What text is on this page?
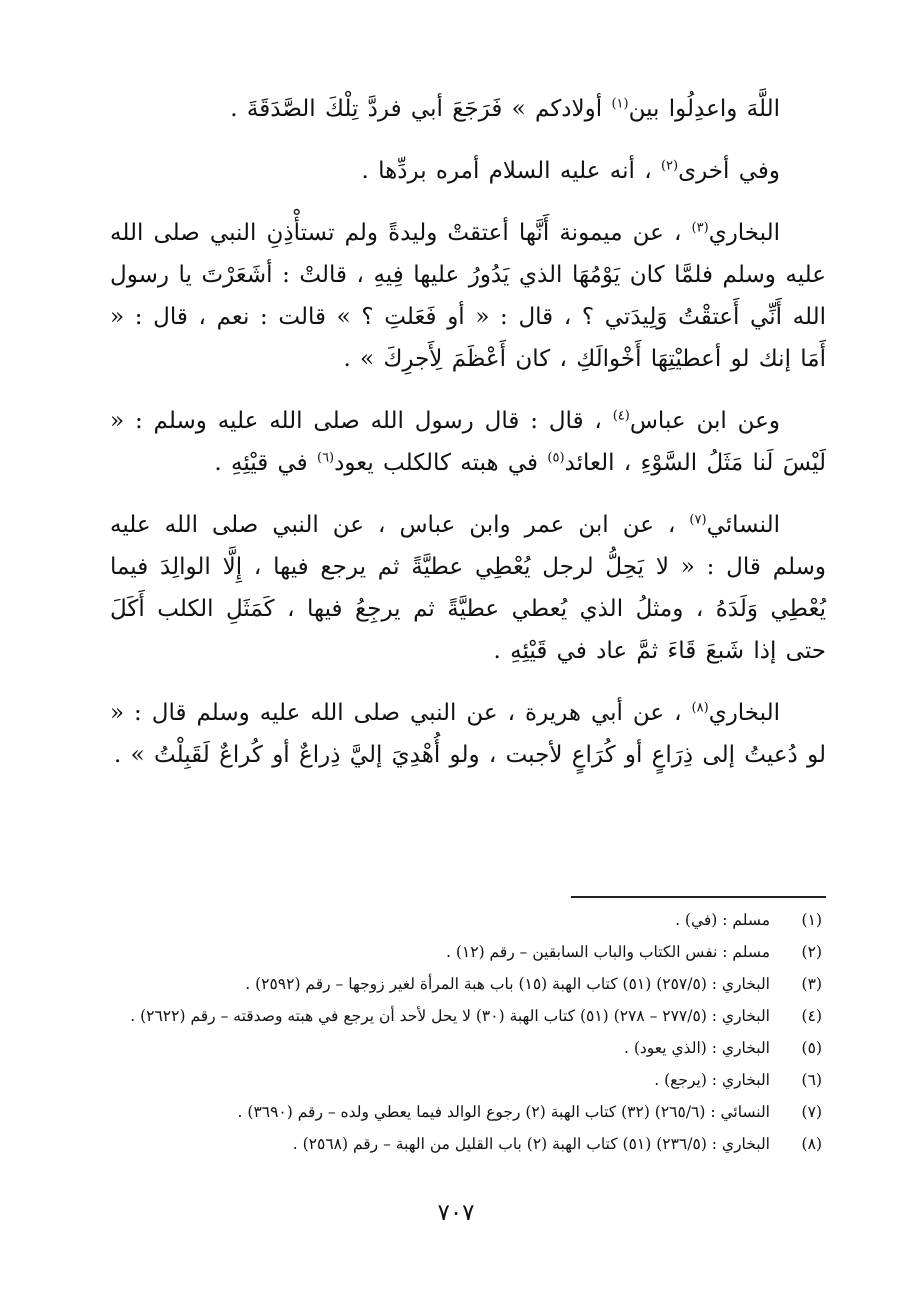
اللَّهَ واعدِلُوا بين$^{(١)}$ أولادكم » فَرَجَعَ أبي فردَّ تِلْكَ الصَّدَقَةَ .

وفي أخرى$^{(٢)}$ ، أنه عليه السلام أمره بردِّها .

البخاري$^{(٣)}$ ، عن ميمونة أَنَّها أعتقتْ وليدةً ولم تستأْذِنِ النبي صلى الله عليه وسلم فلمَّا كان يَوْمُهَا الذي يَدُورُ عليها فِيهِ ، قالتْ : أشَعَرْتَ يا رسول الله أَنِّي أَعتقْتُ وَلِيدَتي ؟ ، قال : « أو فَعَلتِ ؟ » قالت : نعم ، قال : « أَمَا إنك لو أعطيْتِهَا أَخْوالَكِ ، كان أَعْظَمَ لِأَجرِكَ » .

وعن ابن عباس$^{(٤)}$ ، قال : قال رسول الله صلى الله عليه وسلم : « لَيْسَ لَنا مَثَلُ السَّوْءِ ، العائد$^{(٥)}$ في هبته كالكلب يعود$^{(٦)}$ في قيْئِهِ .

النسائي$^{(٧)}$ ، عن ابن عمر وابن عباس ، عن النبي صلى الله عليه وسلم قال : « لا يَحِلُّ لرجل يُعْطِي عطيَّةً ثم يرجع فيها ، إِلَّا الوالِدَ فيما يُعْطِي وَلَدَهُ ، ومثلُ الذي يُعطي عطيَّةً ثم يرجِعُ فيها ، كَمَثَلِ الكلب أَكَلَ حتى إذا شَبعَ قَاءَ ثمَّ عاد في قَيْئِهِ .

البخاري$^{(٨)}$ ، عن أبي هريرة ، عن النبي صلى الله عليه وسلم قال : « لو دُعيتُ إلى ذِرَاعٍ أو كُرَاعٍ لأجبت ، ولو أُهْدِيَ إليَّ ذِراعٌ أو كُراعٌ لَقَبِلْتُ » .

(١)
مسلم : (في) .
(٢)
مسلم : نفس الكتاب والباب السابقين – رقم (١٢) .
(٣)
البخاري : (٢٥٧/٥) (٥١) كتاب الهبة (١٥) باب هبة المرأة لغير زوجها – رقم (٢٥٩٢) .
(٤)
البخاري : (٢٧٧/٥ – ٢٧٨) (٥١) كتاب الهبة (٣٠) لا يحل لأحد أن يرجع في هبته وصدقته – رقم (٢٦٢٢) .
(٥)
البخاري : (الذي يعود) .
(٦)
البخاري : (يرجع) .
(٧)
النسائي : (٢٦٥/٦) (٣٢) كتاب الهبة (٢) رجوع الوالد فيما يعطي ولده – رقم (٣٦٩٠) .
(٨)
البخاري : (٢٣٦/٥) (٥١) كتاب الهبة (٢) باب القليل من الهبة – رقم (٢٥٦٨) .
٧٠٧
